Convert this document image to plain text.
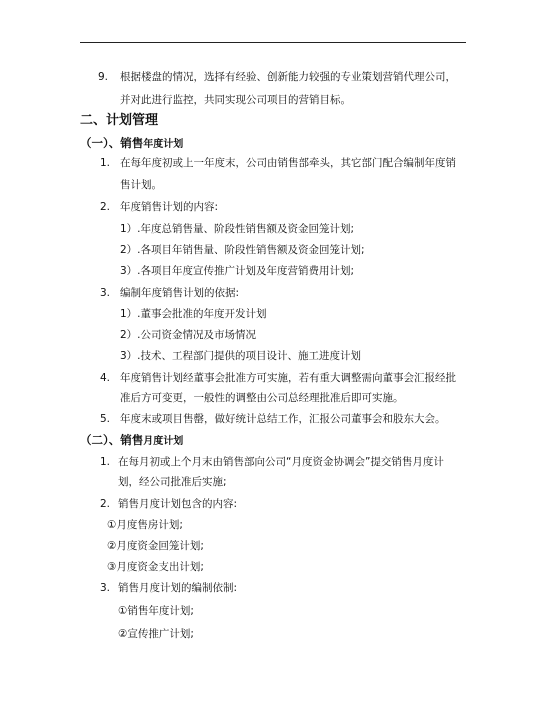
9. 根据楼盘的情况，选择有经验、创新能力较强的专业策划营销代理公司，
并对此进行监控，共同实现公司项目的营销目标。
二、计划管理
（一）、销售年度计划
1. 在每年度初或上一年度末，公司由销售部牵头，其它部门配合编制年度销
售计划。
2. 年度销售计划的内容:
1）.年度总销售量、阶段性销售额及资金回笼计划;
2）.各项目年销售量、阶段性销售额及资金回笼计划;
3）.各项目年度宣传推广计划及年度营销费用计划;
3. 编制年度销售计划的依据:
1）.董事会批准的年度开发计划
2）.公司资金情况及市场情况
3）.技术、工程部门提供的项目设计、施工进度计划
4. 年度销售计划经董事会批准方可实施，若有重大调整需向董事会汇报经批
准后方可变更，一般性的调整由公司总经理批准后即可实施。
5. 年度末或项目售罄，做好统计总结工作，汇报公司董事会和股东大会。
（二）、销售月度计划
1. 在每月初或上个月末由销售部向公司“月度资金协调会”提交销售月度计
划，经公司批准后实施;
2. 销售月度计划包含的内容:
①月度售房计划;
②月度资金回笼计划;
③月度资金支出计划;
3. 销售月度计划的编制依制:
①销售年度计划;
②宣传推广计划;
